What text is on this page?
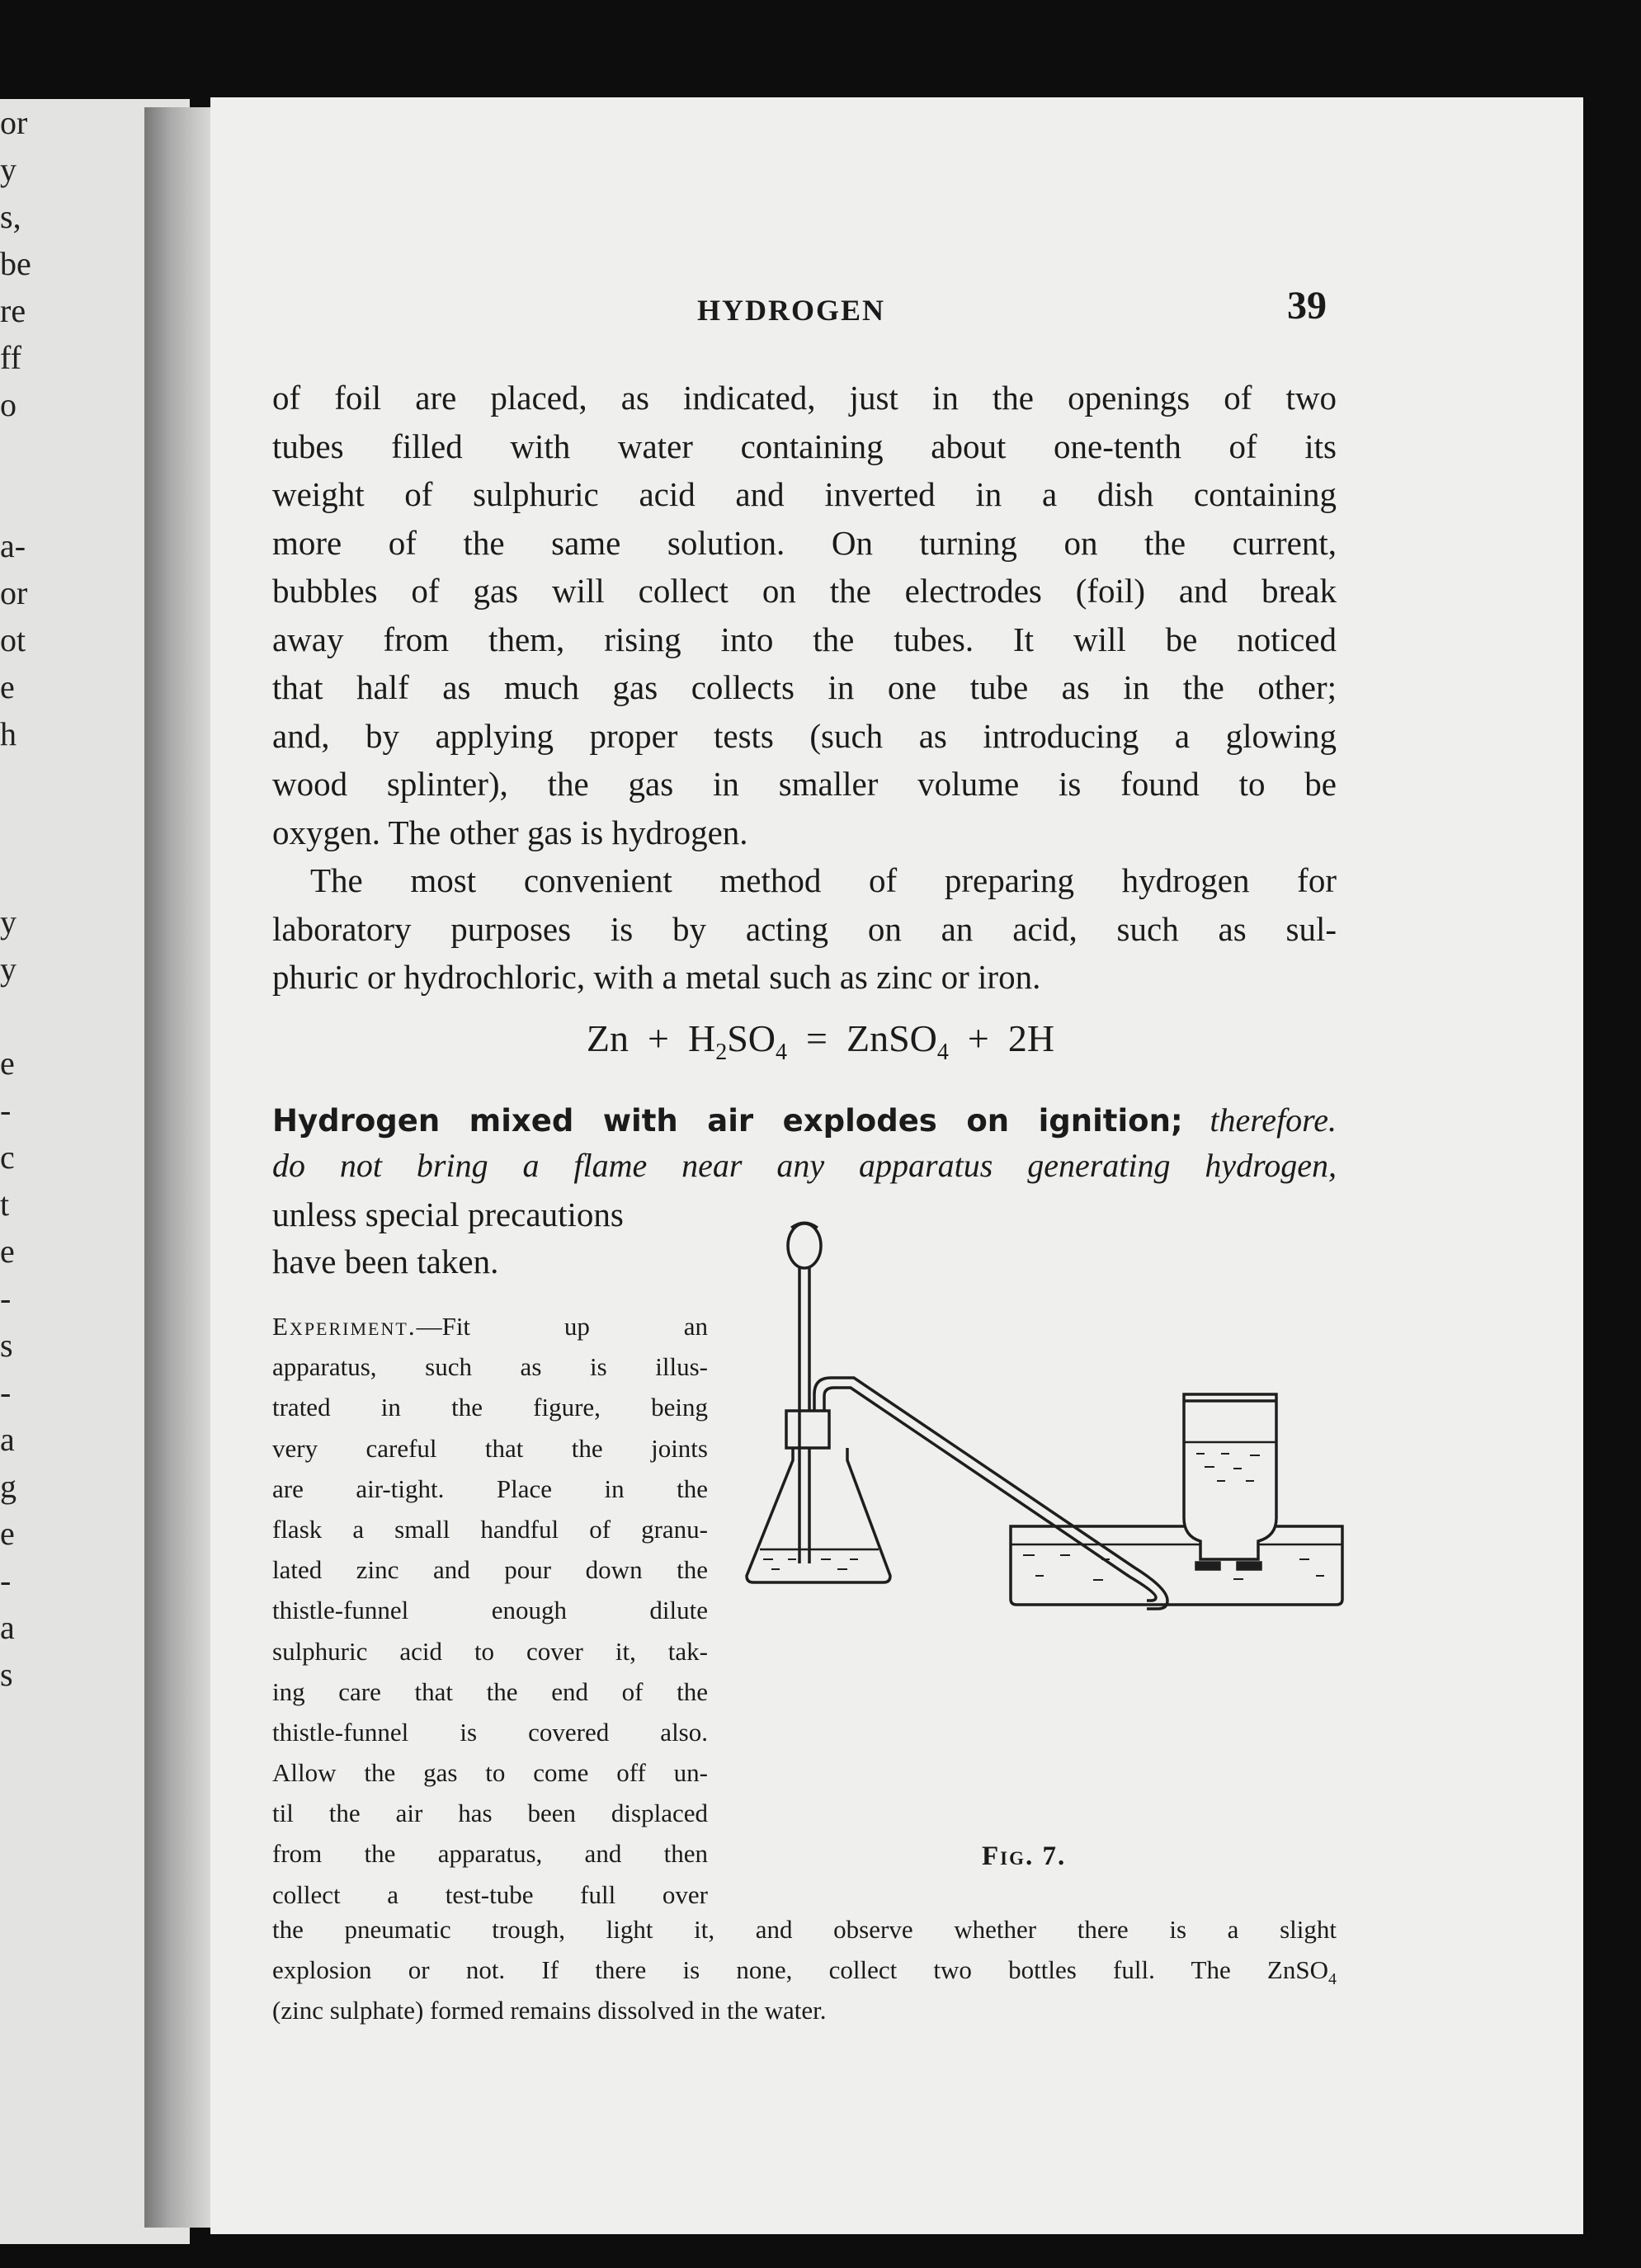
or
y
s,
be
re
ff
o
a-
or
ot
e
h
y
y
e
-
c
t
e
-
s
-
a
g
e
-
a
s
HYDROGEN	39
of foil are placed, as indicated, just in the openings of two
tubes filled with water containing about one-tenth of its
weight of sulphuric acid and inverted in a dish containing
more of the same solution. On turning on the current,
bubbles of gas will collect on the electrodes (foil) and break
away from them, rising into the tubes. It will be noticed
that half as much gas collects in one tube as in the other;
and, by applying proper tests (such as introducing a glowing
wood splinter), the gas in smaller volume is found to be
oxygen. The other gas is hydrogen.
The most convenient method of preparing hydrogen for
laboratory purposes is by acting on an acid, such as sul-
phuric or hydrochloric, with a metal such as zinc or iron.
$Zn + H_2SO_4$ = ZnSO$_4$ + 2H
Hydrogen mixed with air explodes on ignition; therefore.
do not bring a flame near any apparatus generating hydrogen,
unless special precautions
have been taken.
Experiment.—Fit up an
apparatus, such as is illus-
trated in the figure, being
very careful that the joints
are air-tight. Place in the
flask a small handful of granu-
lated zinc and pour down the
thistle-funnel enough dilute
sulphuric acid to cover it, tak-
ing care that the end of the
thistle-funnel is covered also.
Allow the gas to come off un-
til the air has been displaced
from the apparatus, and then
collect a test-tube full over
the pneumatic trough, light it, and observe whether there is a slight
explosion or not. If there is none, collect two bottles full. The ZnSO$_4$
(zinc sulphate) formed remains dissolved in the water.
Fig. 7.
